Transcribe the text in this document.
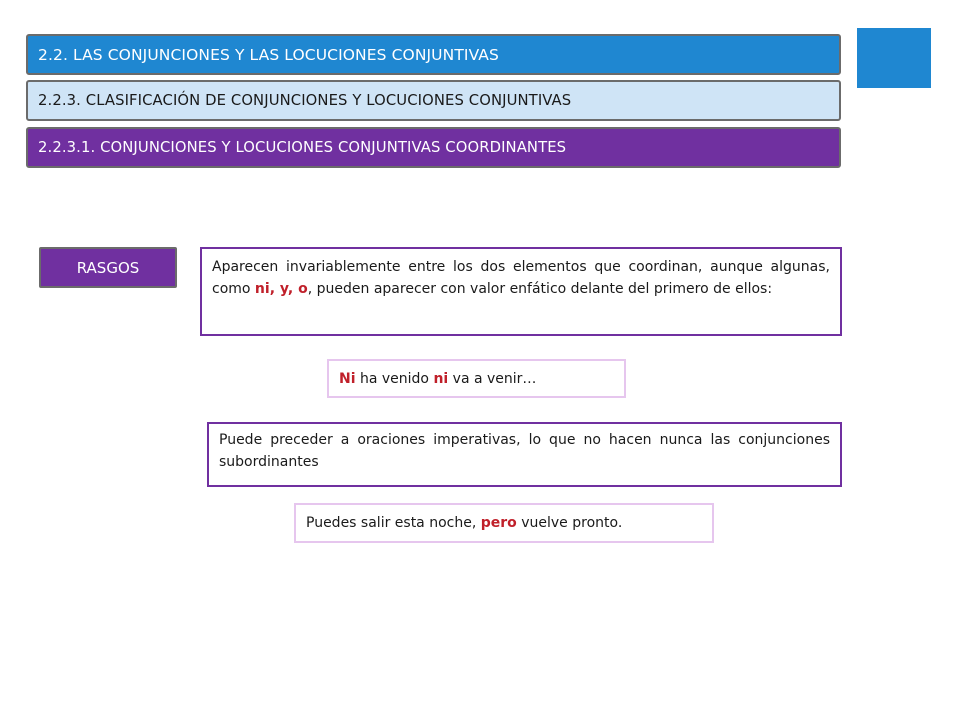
2.2. LAS CONJUNCIONES Y LAS LOCUCIONES CONJUNTIVAS
2.2.3. CLASIFICACIÓN DE CONJUNCIONES Y LOCUCIONES CONJUNTIVAS
2.2.3.1. CONJUNCIONES Y LOCUCIONES CONJUNTIVAS COORDINANTES
RASGOS	Aparecen invariablemente entre los dos elementos que coordinan, aunque algunas, como ni, y, o, pueden aparecer con valor enfático delante del primero de ellos:
Ni ha venido ni va a venir…
Puede preceder a oraciones imperativas, lo que no hacen nunca las conjunciones subordinantes
Puedes salir esta noche, pero vuelve pronto.
